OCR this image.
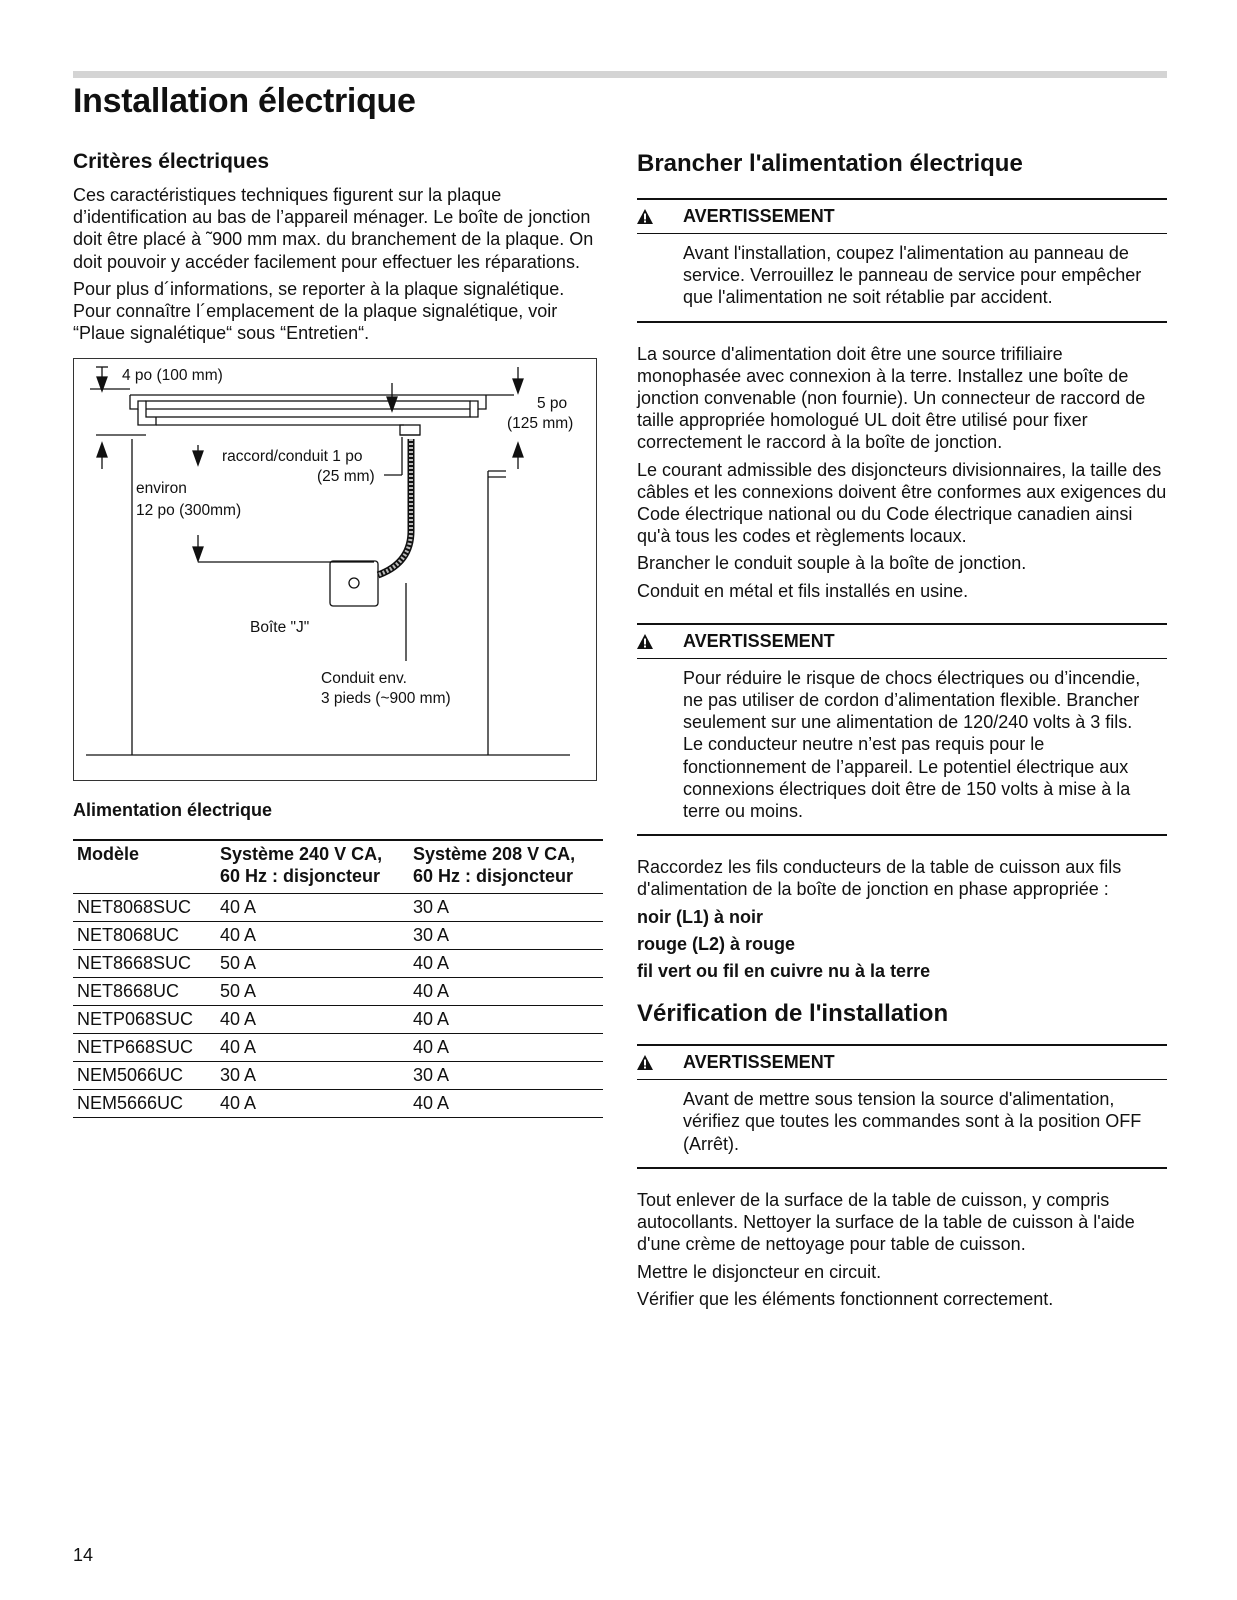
Installation électrique
Critères électriques

Ces caractéristiques techniques figurent sur la plaque d’identification au bas de l’appareil ménager. Le boîte de jonction doit être placé à ˜900 mm max. du branchement de la plaque. On doit pouvoir y accéder facilement pour effectuer les réparations.

Pour plus d´informations, se reporter à la plaque signalétique. Pour connaître l´emplacement de la plaque signalétique, voir “Plaue signalétique“ sous “Entretien“.

4 po (100 mm)
5 po
(125 mm)
raccord/conduit 1 po
(25 mm)
environ
12 po (300mm)
Boîte "J"
Conduit env.
3 pieds (~900 mm)
Alimentation électrique
Modèle	Système 240 V CA, 60 Hz : disjoncteur	Système 208 V CA, 60 Hz : disjoncteur
NET8068SUC	40 A	30 A
NET8068UC	40 A	30 A
NET8668SUC	50 A	40 A
NET8668UC	50 A	40 A
NETP068SUC	40 A	40 A
NETP668SUC	40 A	40 A
NEM5066UC	30 A	30 A
NEM5666UC	40 A	40 A
Brancher l'alimentation électrique
AVERTISSEMENT

Avant l'installation, coupez l'alimentation au panneau de service. Verrouillez le panneau de service pour empêcher que l'alimentation ne soit rétablie par accident.

La source d'alimentation doit être une source trifiliaire monophasée avec connexion à la terre. Installez une boîte de jonction convenable (non fournie). Un connecteur de raccord de taille appropriée homologué UL doit être utilisé pour fixer correctement le raccord à la boîte de jonction.

Le courant admissible des disjoncteurs divisionnaires, la taille des câbles et les connexions doivent être conformes aux exigences du Code électrique national ou du Code électrique canadien ainsi qu'à tous les codes et règlements locaux.

Brancher le conduit souple à la boîte de jonction.

Conduit en métal et fils installés en usine.

AVERTISSEMENT

Pour réduire le risque de chocs électriques ou d’incendie, ne pas utiliser de cordon d’alimentation flexible. Brancher seulement sur une alimentation de 120/240 volts à 3 fils. Le conducteur neutre n’est pas requis pour le fonctionnement de l’appareil. Le potentiel électrique aux connexions électriques doit être de 150 volts à mise à la terre ou moins.

Raccordez les fils conducteurs de la table de cuisson aux fils d'alimentation de la boîte de jonction en phase appropriée :

noir (L1) à noir

rouge (L2) à rouge

fil vert ou fil en cuivre nu à la terre

Vérification de l'installation
AVERTISSEMENT

Avant de mettre sous tension la source d'alimentation, vérifiez que toutes les commandes sont à la position OFF (Arrêt).

Tout enlever de la surface de la table de cuisson, y compris autocollants. Nettoyer la surface de la table de cuisson à l'aide d'une crème de nettoyage pour table de cuisson.

Mettre le disjoncteur en circuit.

Vérifier que les éléments fonctionnent correctement.

14
